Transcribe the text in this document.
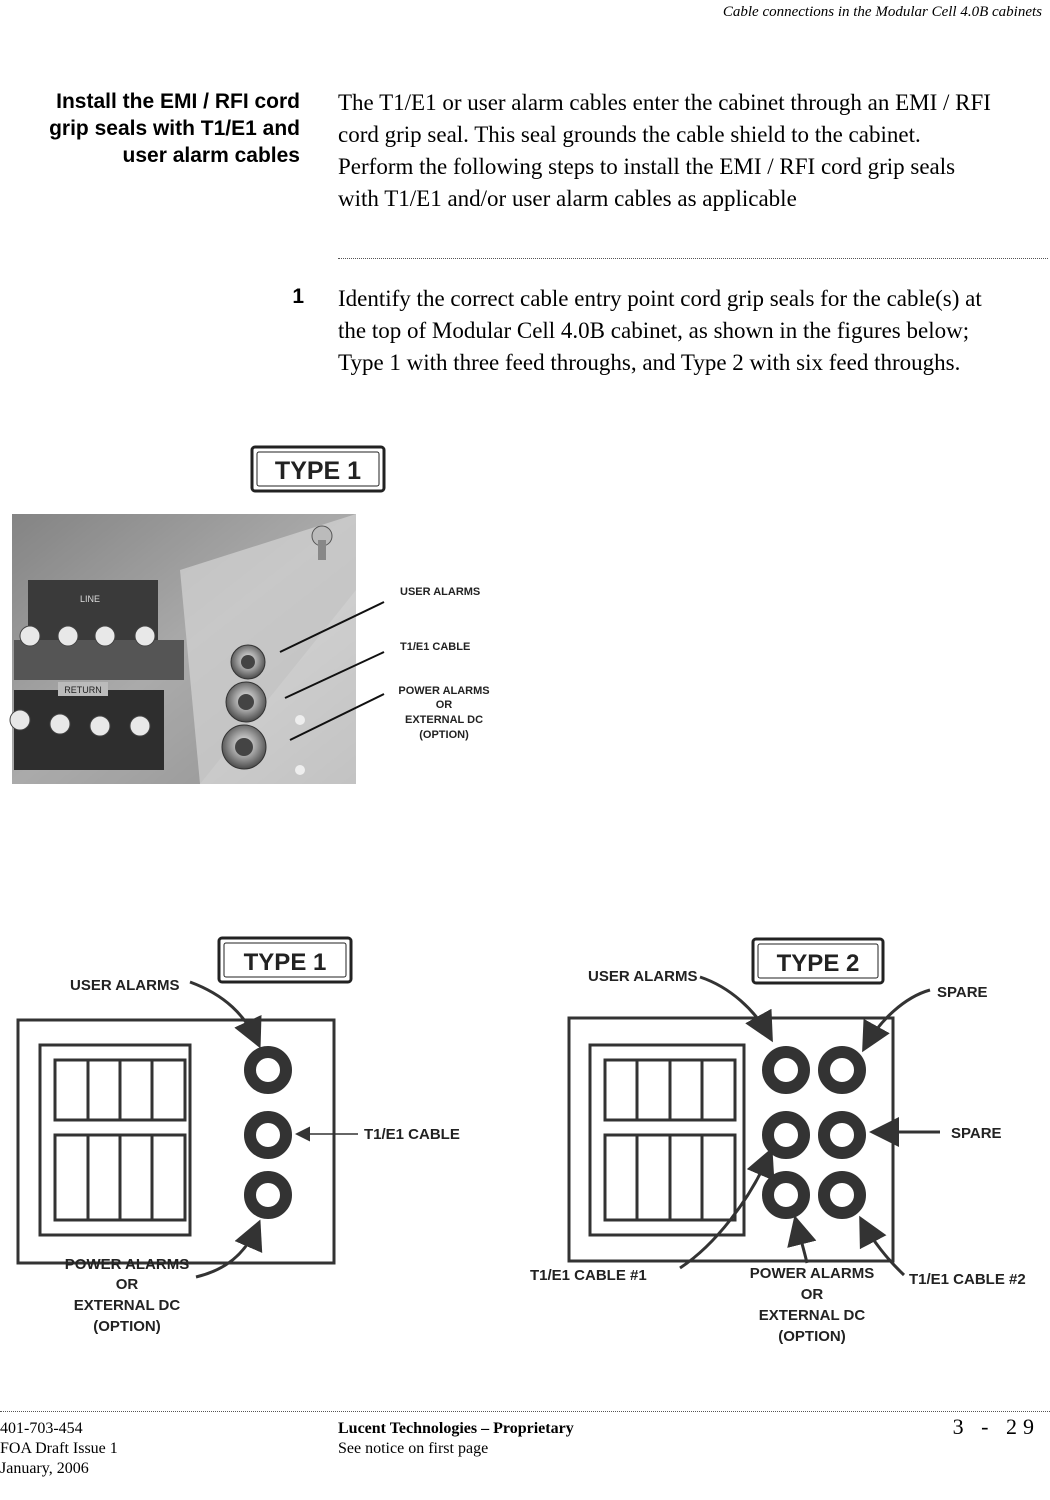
Cable connections in the Modular Cell 4.0B cabinets
Install the EMI / RFI cord
grip seals with T1/E1 and
user alarm cables
The T1/E1 or user alarm cables enter the cabinet through an EMI / RFI
cord grip seal. This seal grounds the cable shield to the cabinet.
Perform the following steps to install the EMI / RFI cord grip seals
with T1/E1 and/or user alarm cables as applicable
1 Identify the correct cable entry point cord grip seals for the cable(s) at
the top of Modular Cell 4.0B cabinet, as shown in the figures below;
Type 1 with three feed throughs, and Type 2 with six feed throughs.
TYPE 1
RETURN
LINE
USER ALARMS
T1/E1 CABLE
POWER ALARMS
OR
EXTERNAL DC
(OPTION)
TYPE 1
USER ALARMS
T1/E1 CABLE
POWER ALARMS
OR
EXTERNAL DC
(OPTION)
TYPE 2
USER ALARMS
SPARE
SPARE
T1/E1 CABLE #1	T1/E1 CABLE #2
POWER ALARMS
OR
EXTERNAL DC
(OPTION)
401-703-454
FOA Draft Issue 1
January, 2006
Lucent Technologies – Proprietary
See notice on first page
3 - 29
